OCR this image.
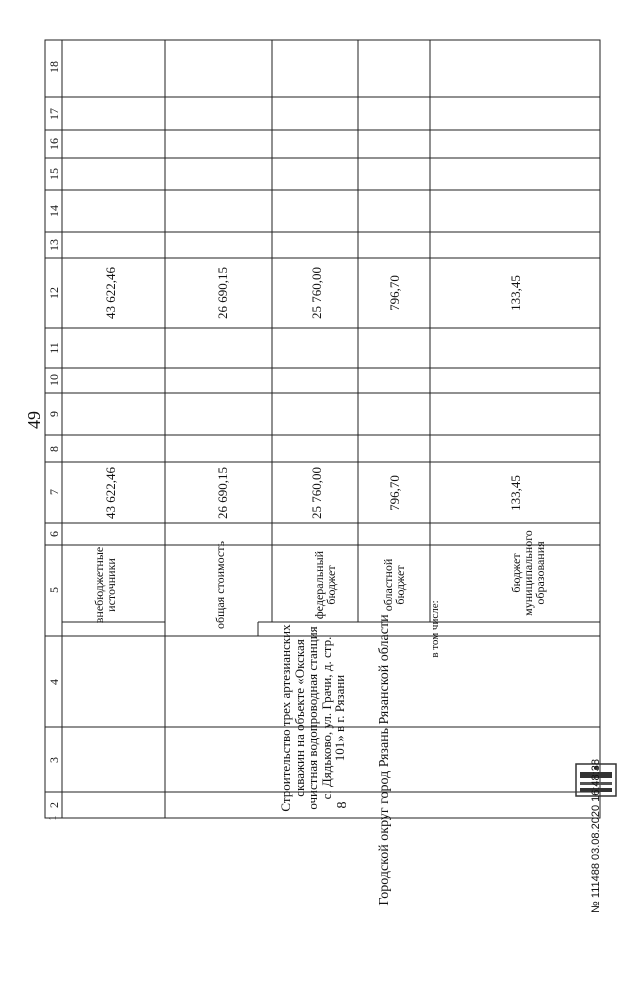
49
18
17
16
15
14
13
12
11
10
9
8
7
6
5
4
3
2
1
8 Городской округ город Рязань Рязанской области
Строительство трех артезианских скважин на объекте «Окская очистная водопроводная станция с. Дядьково, ул. Грачи, д. стр. 101» в г. Рязани
в том числе:
внебюджетные источники
43 622,46
43 622,46
общая стоимость
26 690,15
26 690,15
федеральный бюджет
25 760,00
25 760,00
областной бюджет
796,70
796,70
бюджет муниципального образования
133,45
133,45
№ 111488 03.08.2020 16:48:38
